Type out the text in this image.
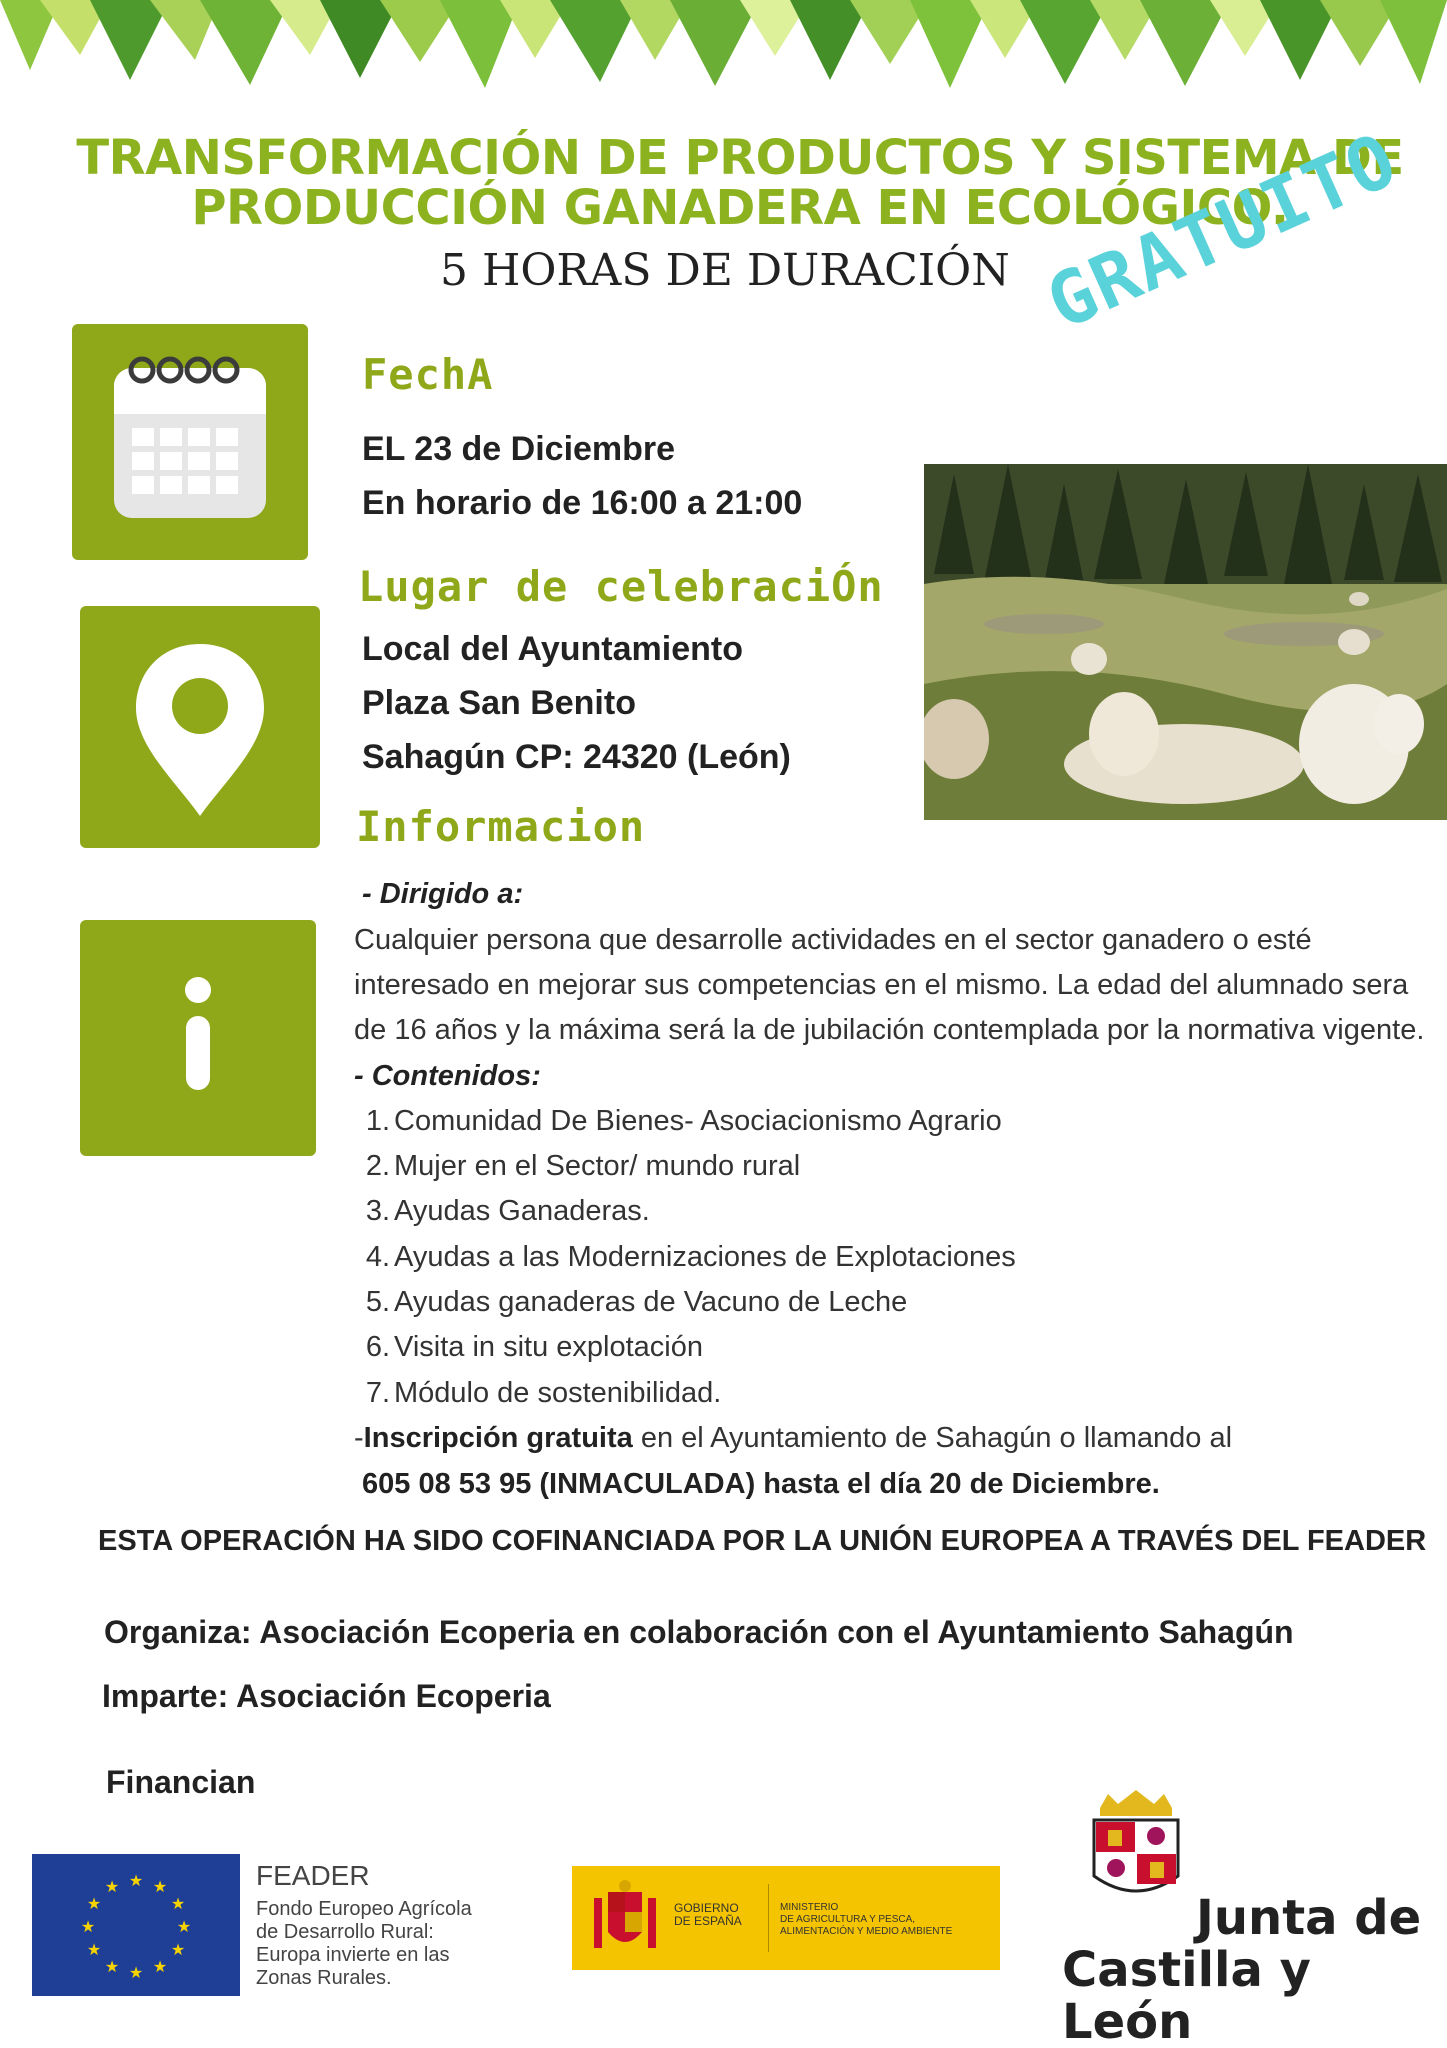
TRANSFORMACIÓN DE PRODUCTOS Y SISTEMA DE
PRODUCCIÓN GANADERA EN ECOLÓGICO.
5 HORAS DE DURACIÓN GRATUITO
FechA
EL 23 de Diciembre
En horario de 16:00 a 21:00
Lugar de celebraciÓn
Local del Ayuntamiento
Plaza San Benito
Sahagún CP: 24320 (León)
Informacion
- Dirigido a:
Cualquier persona que desarrolle actividades en el sector ganadero o esté
interesado en mejorar sus competencias en el mismo. La edad del alumnado sera
de 16 años y la máxima será la de jubilación contemplada por la normativa vigente.
- Contenidos:
1. Comunidad De Bienes- Asociacionismo Agrario
2. Mujer en el Sector/ mundo rural
3. Ayudas Ganaderas.
4. Ayudas a las Modernizaciones de Explotaciones
5. Ayudas ganaderas de Vacuno de Leche
6. Visita in situ explotación
7. Módulo de sostenibilidad.
-Inscripción gratuita en el Ayuntamiento de Sahagún o llamando al
605 08 53 95 (INMACULADA) hasta el día 20 de Diciembre.
ESTA OPERACIÓN HA SIDO COFINANCIADA POR LA UNIÓN EUROPEA A TRAVÉS DEL FEADER
Organiza: Asociación Ecoperia en colaboración con el Ayuntamiento Sahagún
Imparte: Asociación Ecoperia
Financian
★ ★
★
★
★
★
★
★
★
★
★
★	FEADER
Fondo Europeo Agrícola
de Desarrollo Rural:
Europa invierte en las
Zonas Rurales.
GOBIERNO
DE ESPAÑA
MINISTERIO
DE AGRICULTURA Y PESCA,
ALIMENTACIÓN Y MEDIO AMBIENTE	Junta de
Castilla y León
